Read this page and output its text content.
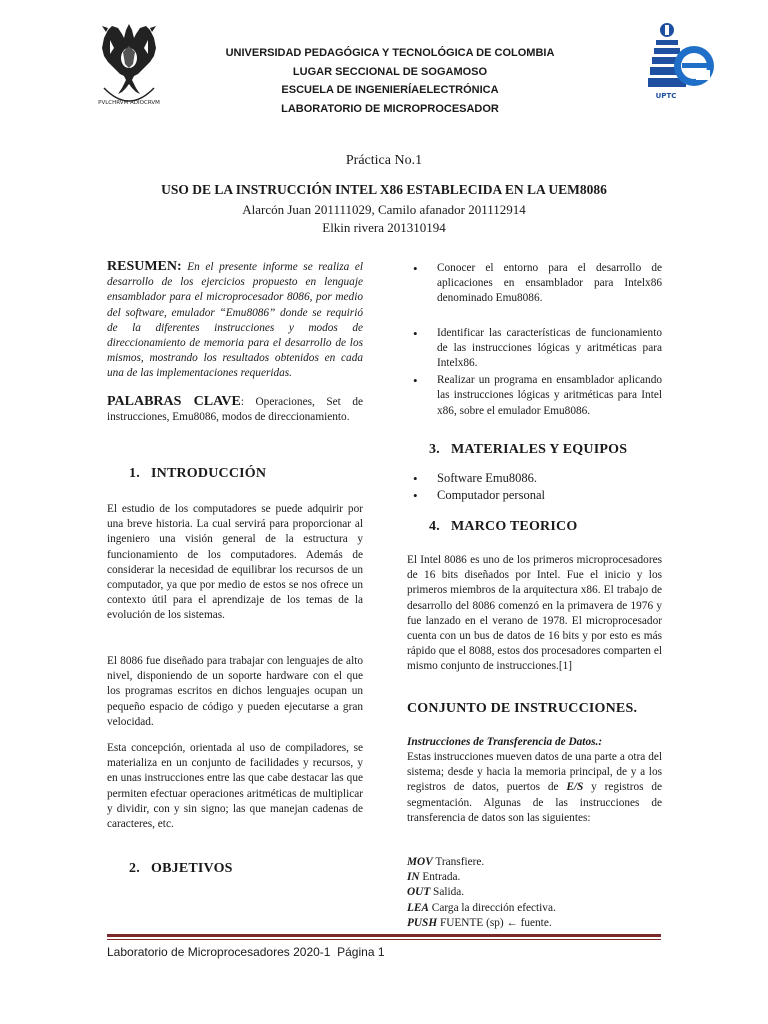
PVLCHRVM ADIOCRVM
UNIVERSIDAD PEDAGÓGICA Y TECNOLÓGICA DE COLOMBIA
LUGAR SECCIONAL DE SOGAMOSO
ESCUELA DE INGENIERÍAELECTRÓNICA
LABORATORIO DE MICROPROCESADOR
UPTC
Práctica No.1
USO DE LA INSTRUCCIÓN INTEL X86 ESTABLECIDA EN LA UEM8086
Alarcón Juan 201111029, Camilo afanador 201112914
Elkin rivera 201310194

RESUMEN: En el presente informe se realiza el desarrollo de los ejercicios propuesto en lenguaje ensamblador para el microprocesador 8086, por medio del software, emulador “Emu8086” donde se requirió de la diferentes instrucciones y modos de direccionamiento de memoria para el desarrollo de los mismos, mostrando los resultados obtenidos en cada una de las implementaciones requeridas.

PALABRAS CLAVE: Operaciones, Set de instrucciones, Emu8086, modos de direccionamiento.

1. INTRODUCCIÓN
El estudio de los computadores se puede adquirir por una breve historia. La cual servirá para proporcionar al ingeniero una visión general de la estructura y funcionamiento de los computadores. Además de considerar la necesidad de equilibrar los recursos de un computador, ya que por medio de estos se nos ofrece un contexto útil para el aprendizaje de los temas de la evolución de los sistemas.
El 8086 fue diseñado para trabajar con lenguajes de alto nivel, disponiendo de un soporte hardware con el que los programas escritos en dichos lenguajes ocupan un pequeño espacio de código y pueden ejecutarse a gran velocidad.
Esta concepción, orientada al uso de compiladores, se materializa en un conjunto de facilidades y recursos, y en unas instrucciones entre las que cabe destacar las que permiten efectuar operaciones aritméticas de multiplicar y dividir, con y sin signo; las que manejan cadenas de caracteres, etc.
2. OBJETIVOS
• Conocer el entorno para el desarrollo de aplicaciones en ensamblador para Intelx86 denominado Emu8086.
• Identificar las características de funcionamiento de las instrucciones lógicas y aritméticas para Intelx86.
• Realizar un programa en ensamblador aplicando las instrucciones lógicas y aritméticas para Intel x86, sobre el emulador Emu8086.
3. MATERIALES Y EQUIPOS
• Software Emu8086.
• Computador personal
4. MARCO TEORICO
El Intel 8086 es uno de los primeros microprocesadores de 16 bits diseñados por Intel. Fue el inicio y los primeros miembros de la arquitectura x86. El trabajo de desarrollo del 8086 comenzó en la primavera de 1976 y fue lanzado en el verano de 1978. El microprocesador cuenta con un bus de datos de 16 bits y por esto es más rápido que el 8088, estos dos procesadores comparten el mismo conjunto de instrucciones.[1]
CONJUNTO DE INSTRUCCIONES.
Instrucciones de Transferencia de Datos.:
Estas instrucciones mueven datos de una parte a otra del sistema; desde y hacia la memoria principal, de y a los registros de datos, puertos de E/S y registros de segmentación. Algunas de las instrucciones de transferencia de datos son las siguientes:
MOV Transfiere.
IN Entrada.
OUT Salida.
LEA Carga la dirección efectiva.
PUSH FUENTE (sp) ← fuente.
Laboratorio de Microprocesadores 2020-1  Página 1
